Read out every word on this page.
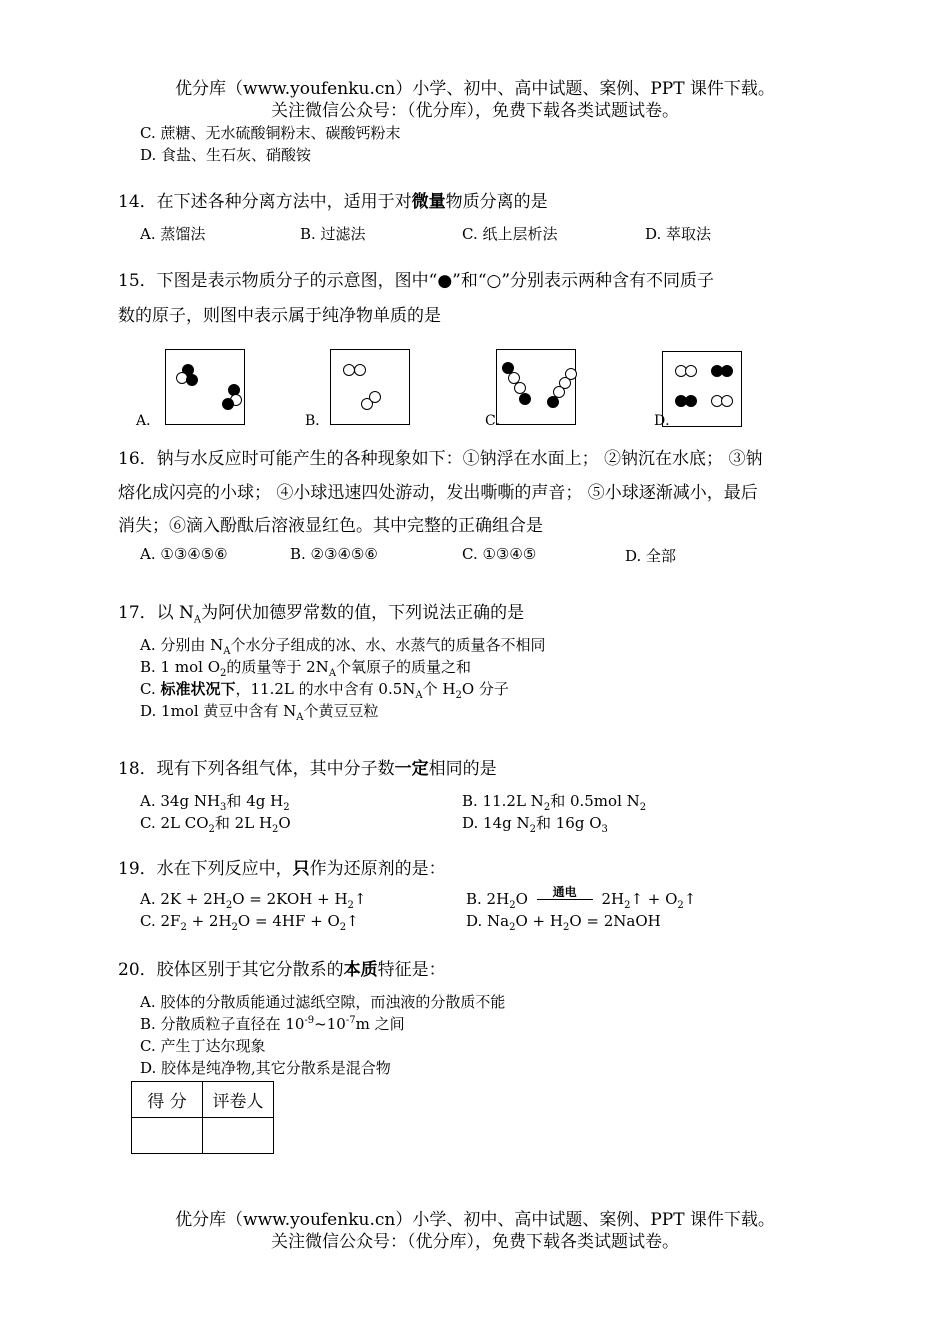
优分库（www.youfenku.cn）小学、初中、高中试题、案例、PPT 课件下载。
关注微信公众号：（优分库），免费下载各类试题试卷。
C. 蔗糖、无水硫酸铜粉末、碳酸钙粉末
D. 食盐、生石灰、硝酸铵
14．在下述各种分离方法中，适用于对微量物质分离的是
A. 蒸馏法	B. 过滤法	C. 纸上层析法	D. 萃取法
15．下图是表示物质分子的示意图，图中“●”和“○”分别表示两种含有不同质子
数的原子，则图中表示属于纯净物单质的是
A．	B．	C．	D．
16．钠与水反应时可能产生的各种现象如下：①钠浮在水面上； ②钠沉在水底； ③钠
熔化成闪亮的小球； ④小球迅速四处游动，发出嘶嘶的声音； ⑤小球逐渐减小，最后
消失；⑥滴入酚酞后溶液显红色。其中完整的正确组合是
A. ①③④⑤⑥	B. ②③④⑤⑥	C. ①③④⑤	D. 全部
17．以 $N_A$为阿伏加德罗常数的值，下列说法正确的是
A. 分别由 $N_A$个水分子组成的冰、水、水蒸气的质量各不相同
B. 1 mol $O_2$的质量等于 $2N_A$个氧原子的质量之和
C. 标准状况下，11.2L 的水中含有 $0.5N_A$个 $H_2O$ 分子
D. 1mol 黄豆中含有 $N_A$个黄豆豆粒
18．现有下列各组气体，其中分子数一定相同的是
A. 34g $NH_3$和 4g $H_2$	B. 11.2L $N_2$和 0.5mol $N_2$
C. 2L $CO_2$和 2L $H_2O$	D. 14g $N_2$和 16g $O_3$
19．水在下列反应中，只作为还原剂的是：
A. $2K + 2H_2O = 2KOH$ + $H_2↑$	B. $2H_2O$	通电	$2H_2↑$ + $O_2↑$
C. $2F_2 + 2H_2O = 4HF$ + $O_2↑$	D. $Na_2O + H_2O$ = 2NaOH
20．胶体区别于其它分散系的本质特征是：
A. 胶体的分散质能通过滤纸空隙，而浊液的分散质不能
B. 分散质粒子直径在 $10^{-9}\sim 10^{-7}m$ 之间
C. 产生丁达尔现象
D. 胶体是纯净物,其它分散系是混合物
得 分	评卷人

优分库（www.youfenku.cn）小学、初中、高中试题、案例、PPT 课件下载。
关注微信公众号：（优分库），免费下载各类试题试卷。
